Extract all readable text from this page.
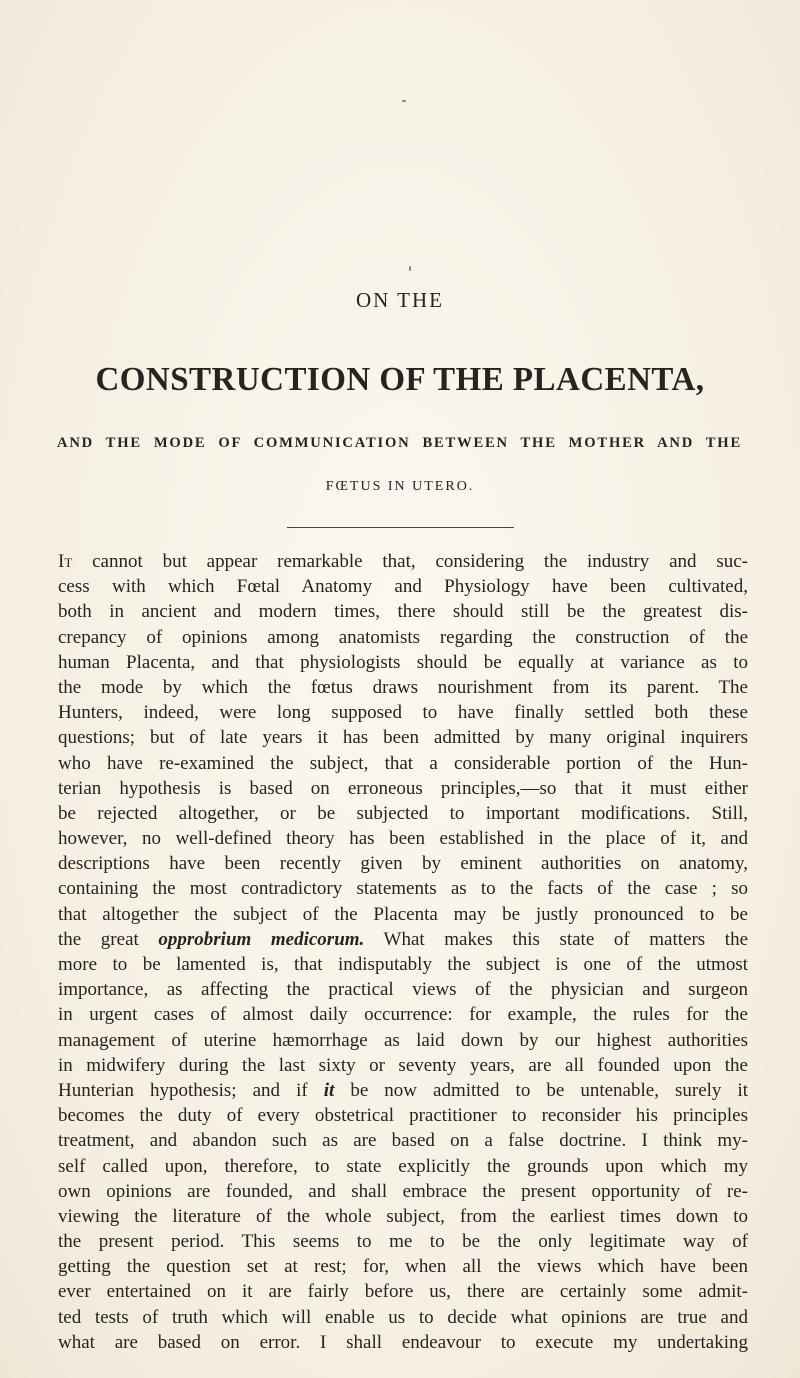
ON THE
CONSTRUCTION OF THE PLACENTA,
AND THE MODE OF COMMUNICATION BETWEEN THE MOTHER AND THE
FŒTUS IN UTERO.
It cannot but appear remarkable that, considering the industry and suc-
cess with which Fœtal Anatomy and Physiology have been cultivated,
both in ancient and modern times, there should still be the greatest dis-
crepancy of opinions among anatomists regarding the construction of the
human Placenta, and that physiologists should be equally at variance as to
the mode by which the fœtus draws nourishment from its parent. The
Hunters, indeed, were long supposed to have finally settled both these
questions; but of late years it has been admitted by many original inquirers
who have re-examined the subject, that a considerable portion of the Hun-
terian hypothesis is based on erroneous principles,—so that it must either
be rejected altogether, or be subjected to important modifications. Still,
however, no well-defined theory has been established in the place of it, and
descriptions have been recently given by eminent authorities on anatomy,
containing the most contradictory statements as to the facts of the case ; so
that altogether the subject of the Placenta may be justly pronounced to be
the great opprobrium medicorum. What makes this state of matters the
more to be lamented is, that indisputably the subject is one of the utmost
importance, as affecting the practical views of the physician and surgeon
in urgent cases of almost daily occurrence: for example, the rules for the
management of uterine hæmorrhage as laid down by our highest authorities
in midwifery during the last sixty or seventy years, are all founded upon the
Hunterian hypothesis; and if it be now admitted to be untenable, surely it
becomes the duty of every obstetrical practitioner to reconsider his principles
treatment, and abandon such as are based on a false doctrine. I think my-
self called upon, therefore, to state explicitly the grounds upon which my
own opinions are founded, and shall embrace the present opportunity of re-
viewing the literature of the whole subject, from the earliest times down to
the present period. This seems to me to be the only legitimate way of
getting the question set at rest; for, when all the views which have been
ever entertained on it are fairly before us, there are certainly some admit-
ted tests of truth which will enable us to decide what opinions are true and
what are based on error. I shall endeavour to execute my undertaking
